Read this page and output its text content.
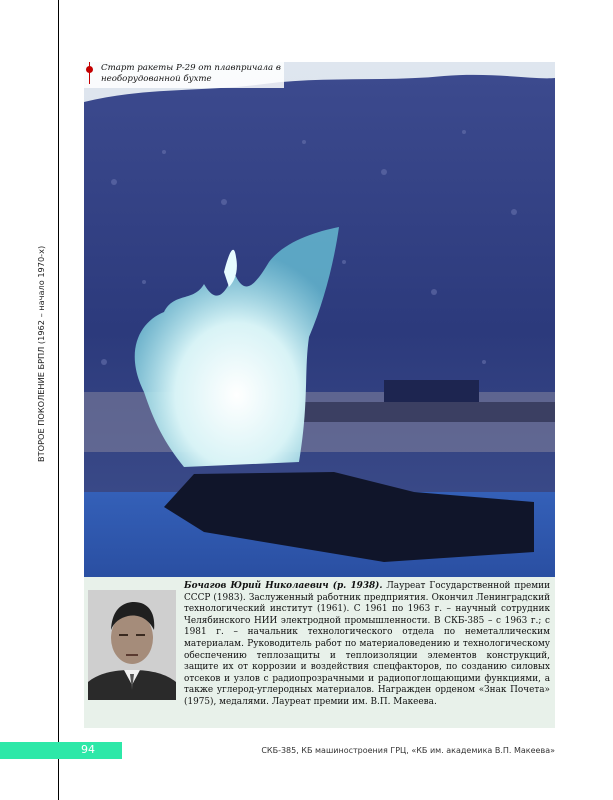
ВТОРОЕ ПОКОЛЕНИЕ БРПЛ (1962 – начало 1970-х)
Старт ракеты Р-29 от плавпричала в необорудованной бухте

Бочагов Юрий Николаевич (р. 1938). Лауреат Государственной премии СССР (1983). Заслуженный работник предприятия. Окончил Ленинградский технологический институт (1961). С 1961 по 1963 г. – научный сотрудник Челябинского НИИ электродной промышленности. В СКБ-385 – с 1963 г.; с 1981 г. – начальник технологического отдела по неметаллическим материалам. Руководитель работ по материаловедению и технологическому обеспечению теплозащиты и теплоизоляции элементов конструкций, защите их от коррозии и воздействия спецфакторов, по созданию силовых отсеков и узлов с радиопрозрачными и радиопоглощающими функциями, а также углерод-углеродных материалов. Награжден орденом «Знак Почета» (1975), медалями. Лауреат премии им. В.П. Макеева.

94	СКБ-385, КБ машиностроения ГРЦ, «КБ им. академика В.П. Макеева»
